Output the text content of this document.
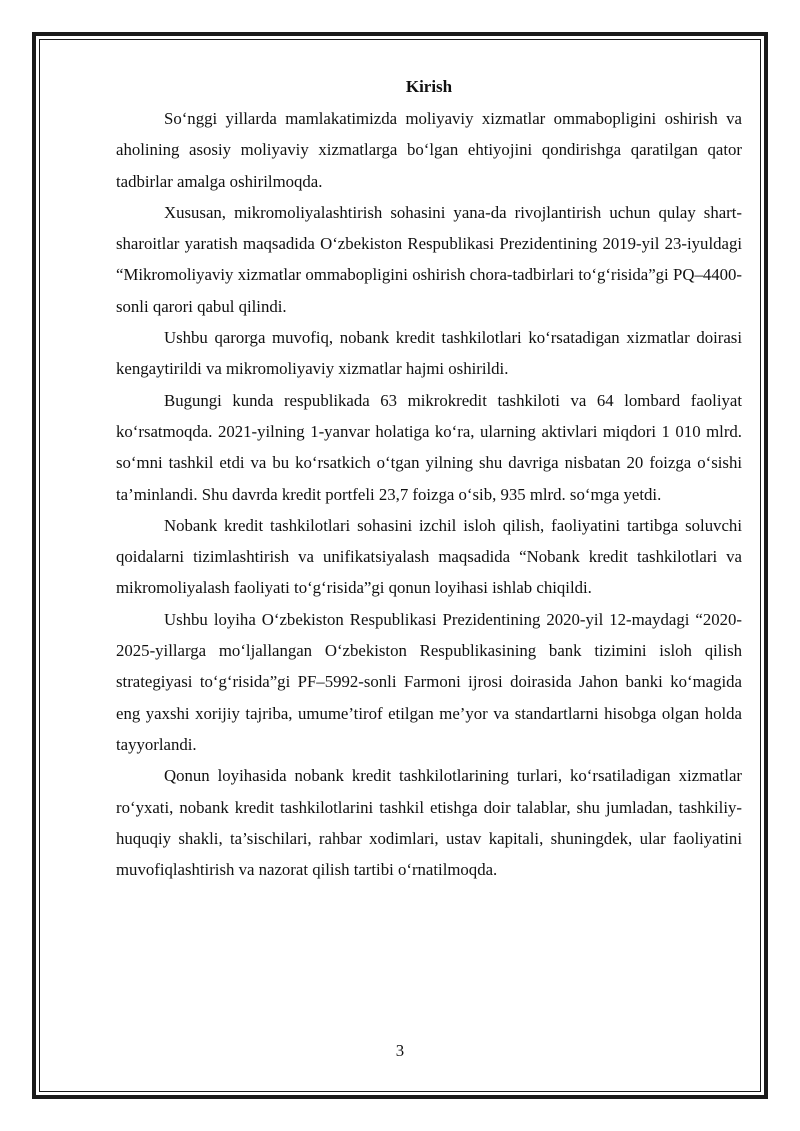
Kirish

So‘nggi yillarda mamlakatimizda moliyaviy xizmatlar ommabopligini oshirish va aholining asosiy moliyaviy xizmatlarga bo‘lgan ehtiyojini qondirishga qaratilgan qator tadbirlar amalga oshirilmoqda.

Xususan, mikromoliyalashtirish sohasini yana-da rivojlantirish uchun qulay shart-sharoitlar yaratish maqsadida O‘zbekiston Respublikasi Prezidentining 2019-yil 23-iyuldagi “Mikromoliyaviy xizmatlar ommabopligini oshirish chora-tadbirlari to‘g‘risida”gi PQ–4400-sonli qarori qabul qilindi.

Ushbu qarorga muvofiq, nobank kredit tashkilotlari ko‘rsatadigan xizmatlar doirasi kengaytirildi va mikromoliyaviy xizmatlar hajmi oshirildi.

Bugungi kunda respublikada 63 mikrokredit tashkiloti va 64 lombard faoliyat ko‘rsatmoqda. 2021-yilning 1-yanvar holatiga ko‘ra, ularning aktivlari miqdori 1 010 mlrd. so‘mni tashkil etdi va bu ko‘rsatkich o‘tgan yilning shu davriga nisbatan 20 foizga o‘sishi ta’minlandi. Shu davrda kredit portfeli 23,7 foizga o‘sib, 935 mlrd. so‘mga yetdi.

Nobank kredit tashkilotlari sohasini izchil isloh qilish, faoliyatini tartibga soluvchi qoidalarni tizimlashtirish va unifikatsiyalash maqsadida “Nobank kredit tashkilotlari va mikromoliyalash faoliyati to‘g‘risida”gi qonun loyihasi ishlab chiqildi.

Ushbu loyiha O‘zbekiston Respublikasi Prezidentining 2020-yil 12-maydagi “2020-2025-yillarga mo‘ljallangan O‘zbekiston Respublikasining bank tizimini isloh qilish strategiyasi to‘g‘risida”gi PF–5992-sonli Farmoni ijrosi doirasida Jahon banki ko‘magida eng yaxshi xorijiy tajriba, umume’tirof etilgan me’yor va standartlarni hisobga olgan holda tayyorlandi.

Qonun loyihasida nobank kredit tashkilotlarining turlari, ko‘rsatiladigan xizmatlar ro‘yxati, nobank kredit tashkilotlarini tashkil etishga doir talablar, shu jumladan, tashkiliy-huquqiy shakli, ta’sischilari, rahbar xodimlari, ustav kapitali, shuningdek, ular faoliyatini muvofiqlashtirish va nazorat qilish tartibi o‘rnatilmoqda.

3
